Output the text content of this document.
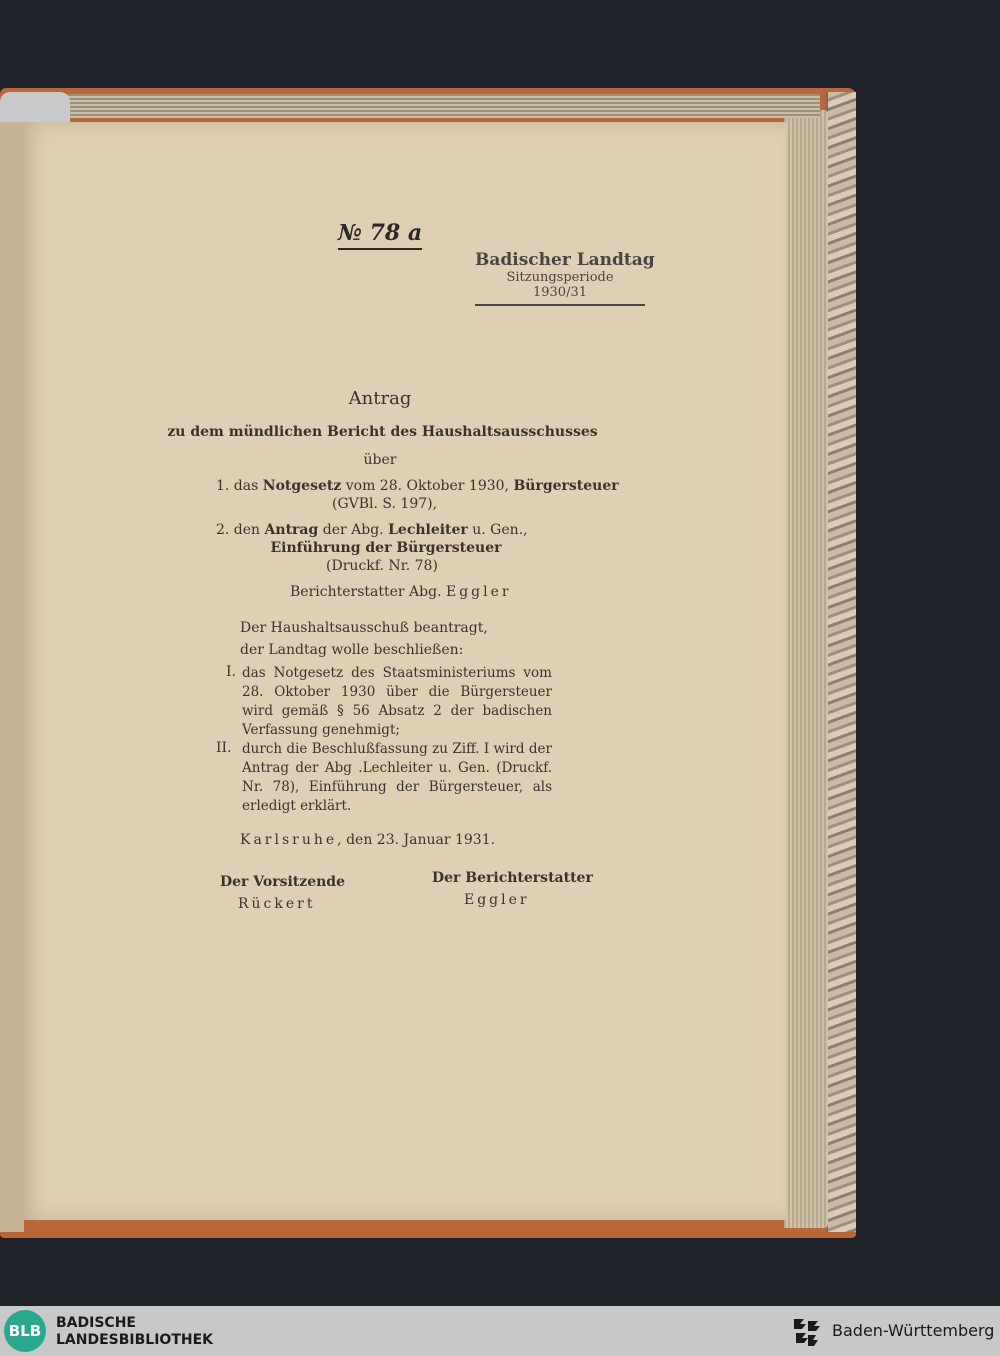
№ 78 a
Badischer Landtag
Sitzungsperiode
1930/31
Antrag
zu dem mündlichen Bericht des Haushaltsausschusses
über
1. das Notgesetz vom 28. Oktober 1930, Bürgersteuer
(GVBl. S. 197),
2. den Antrag der Abg. Lechleiter u. Gen.,
Einführung der Bürgersteuer
(Druckf. Nr. 78)
Berichterstatter Abg. Eggler
Der Haushaltsausschuß beantragt,
der Landtag wolle beschließen:
I. das Notgesetz des Staatsministeriums vom 28. Oktober 1930 über die Bürgersteuer wird gemäß § 56 Absatz 2 der badischen Verfassung genehmigt;
II. durch die Beschlußfassung zu Ziff. I wird der Antrag der Abg .Lechleiter u. Gen. (Druckf. Nr. 78), Einführung der Bürgersteuer, als erledigt erklärt.
Karlsruhe, den 23. Januar 1931.
Der Vorsitzende
Rückert
Der Berichterstatter
Eggler
BLB	BADISCHE
LANDESBIBLIOTHEK	Baden-Württemberg
